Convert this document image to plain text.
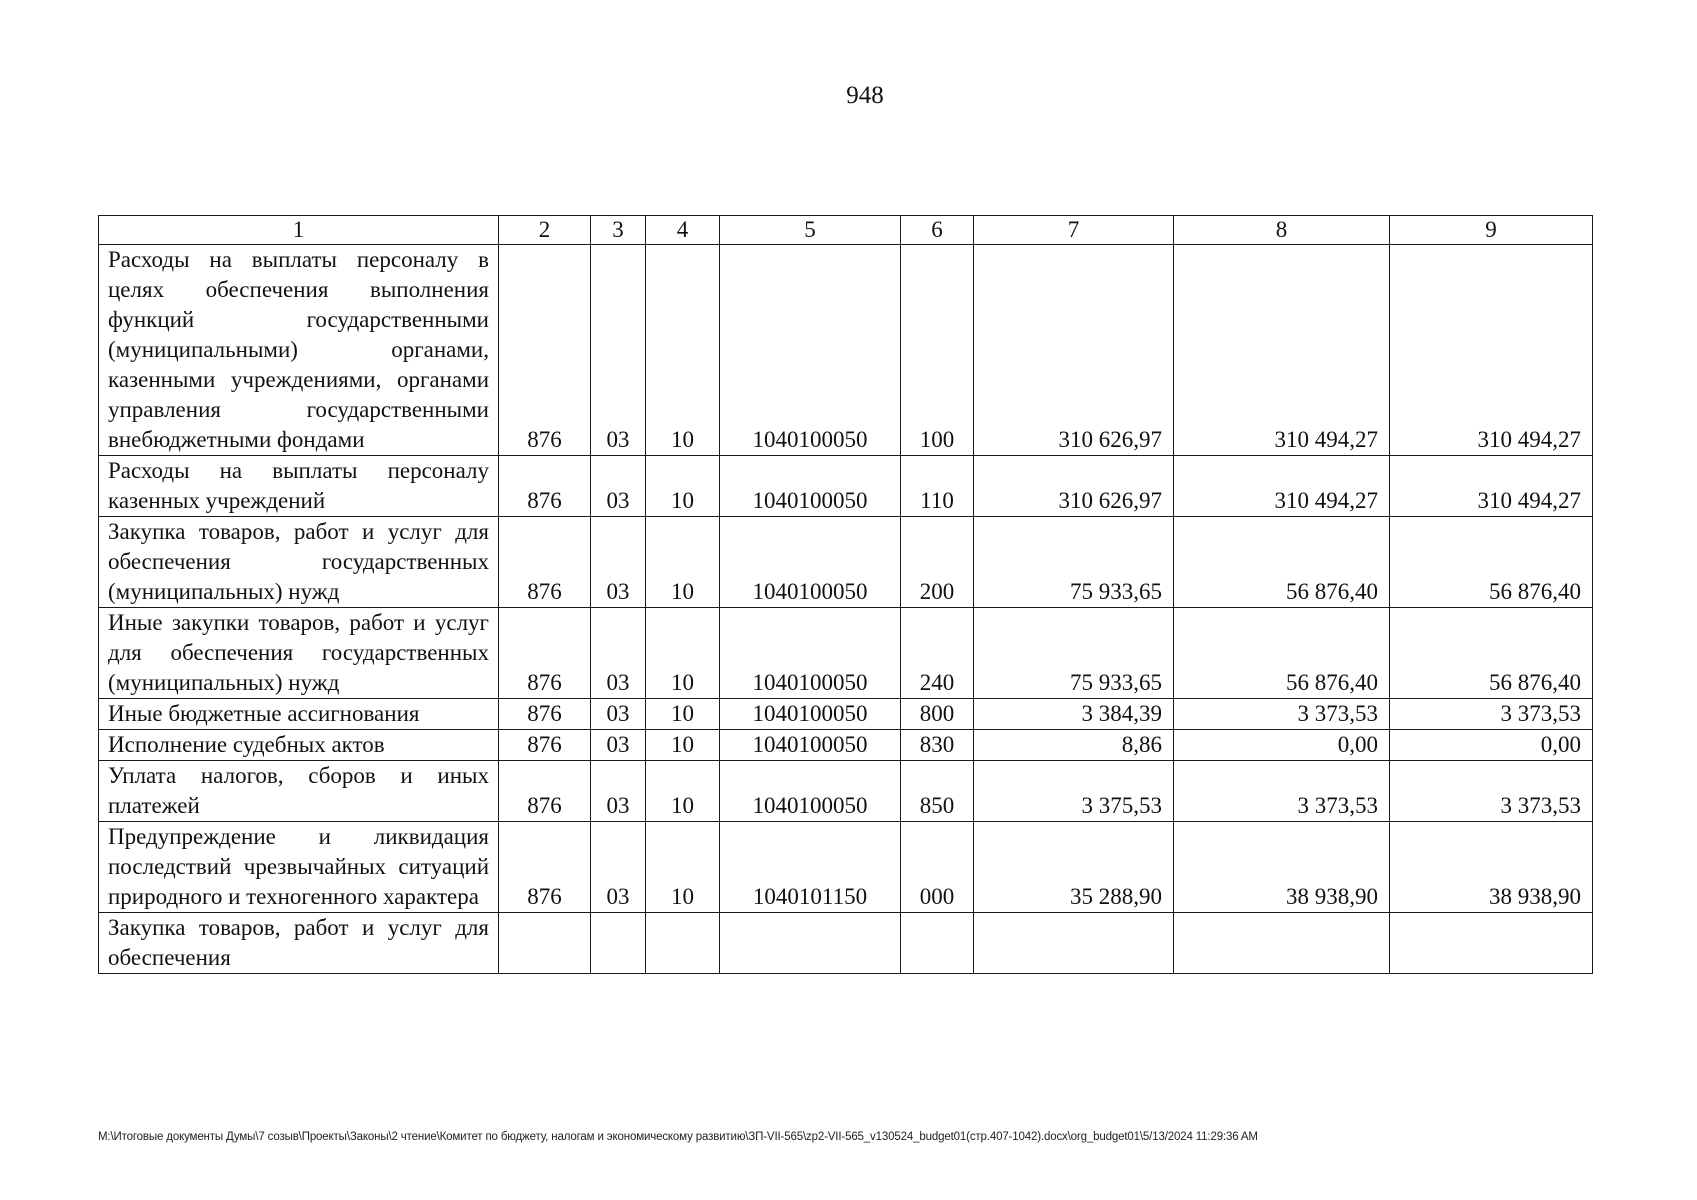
948
1	2	3	4	5	6	7	8	9
Расходы на выплаты персоналу в целях обеспечения выполнения функций государственными (муниципальными) органами, казенными учреждениями, органами управления государственными внебюджетными фондами	876	03	10	1040100050	100	310 626,97	310 494,27	310 494,27
Расходы на выплаты персоналу казенных учреждений	876	03	10	1040100050	110	310 626,97	310 494,27	310 494,27
Закупка товаров, работ и услуг для обеспечения государственных (муниципальных) нужд	876	03	10	1040100050	200	75 933,65	56 876,40	56 876,40
Иные закупки товаров, работ и услуг для обеспечения государственных (муниципальных) нужд	876	03	10	1040100050	240	75 933,65	56 876,40	56 876,40
Иные бюджетные ассигнования	876	03	10	1040100050	800	3 384,39	3 373,53	3 373,53
Исполнение судебных актов	876	03	10	1040100050	830	8,86	0,00	0,00
Уплата налогов, сборов и иных платежей	876	03	10	1040100050	850	3 375,53	3 373,53	3 373,53
Предупреждение и ликвидация последствий чрезвычайных ситуаций природного и техногенного характера	876	03	10	1040101150	000	35 288,90	38 938,90	38 938,90
Закупка товаров, работ и услуг для обеспечения								
M:\Итоговые документы Думы\7 созыв\Проекты\Законы\2 чтение\Комитет по бюджету, налогам и экономическому развитию\ЗП-VII-565\zp2-VII-565_v130524_budget01(стр.407-1042).docx\org_budget01\5/13/2024 11:29:36 AM
